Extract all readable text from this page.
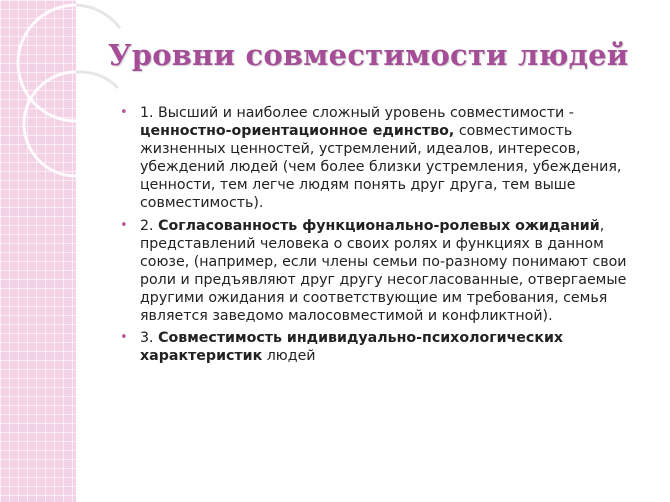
Уровни совместимости людей
• 1. Высший и наиболее сложный уровень совместимости - ценностно-ориентационное единство, совместимость жизненных ценностей, устремлений, идеалов, интересов, убеждений людей (чем более близки устремления, убеждения, ценности, тем легче людям понять друг друга, тем выше совместимость).
• 2. Согласованность функционально-ролевых ожиданий, представлений человека о своих ролях и функциях в данном союзе, (например, если члены семьи по-разному понимают свои роли и предъявляют друг другу несогласованные, отвергаемые другими ожидания и соответствующие им требования, семья является заведомо малосовместимой и конфликтной).
• 3. Совместимость индивидуально-психологических характеристик людей
